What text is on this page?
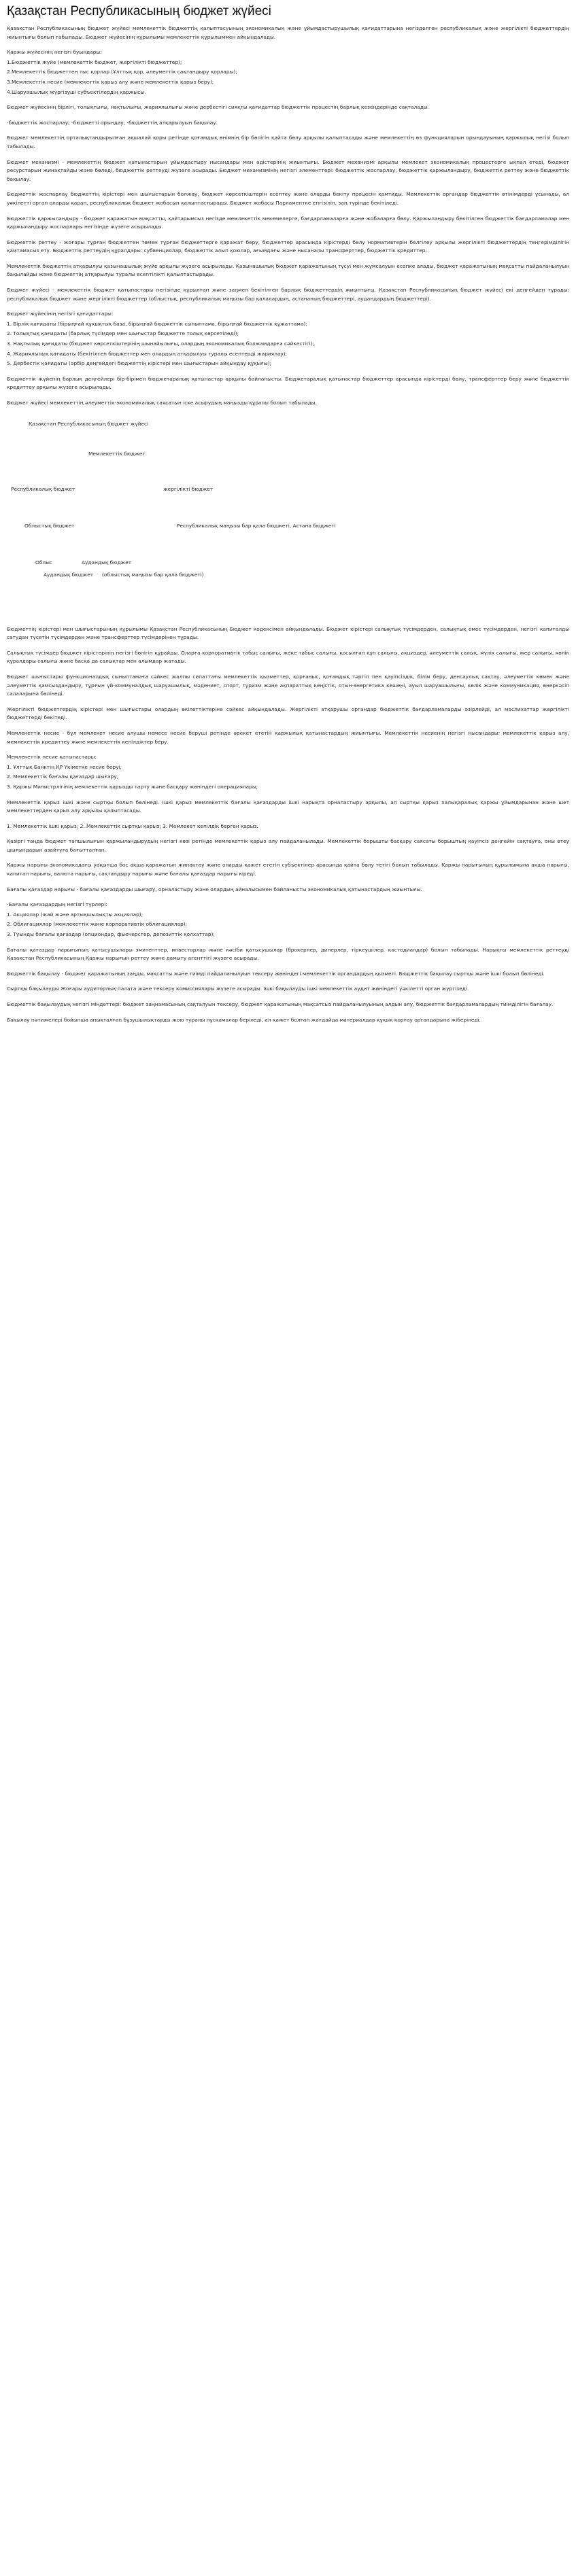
Қазақстан Республикасының бюджет жүйесі

Қазақстан Республикасының бюджет жүйесі мемлекеттік бюджеттің қалыптасуының экономикалық және ұйымдастырушылық қағидаттарына негізделген республикалық және жергілікті бюджеттердің жиынтығы болып табылады. Бюджет жүйесінің құрылымы мемлекеттік құрылыммен айқындалады.

Қаржы жүйесінің негізгі буындары:

1.Бюджеттік жүйе (мемлекеттік бюджет, жергілікті бюджеттер);

2.Мемлекеттік бюджеттен тыс қорлар (Ұлттық қор, әлеуметтік сақтандыру қорлары);

3.Мемлекеттік несие (мемлекеттік қарыз алу және мемлекеттік қарыз беру);

4.Шаруашылық жүргізуші субъектілердің қаржысы.

Бюджет жүйесінің бірлігі, толықтығы, нақтылығы, жариялылығы және дербестігі сияқты қағидаттар бюджеттік процестің барлық кезеңдерінде сақталады.

-бюджеттік жоспарлау; -бюджетті орындау; -бюджеттің атқарылуын бақылау.

Бюджет мемлекеттің орталықтандырылған ақшалай қоры ретінде қоғамдық өнімнің бір бөлігін қайта бөлу арқылы қалыптасады және мемлекеттің өз функцияларын орындауының қаржылық негізі болып табылады.

Бюджет механизмі - мемлекеттің бюджет қатынастарын ұйымдастыру нысандары мен әдістерінің жиынтығы. Бюджет механизмі арқылы мемлекет экономикалық процестерге ықпал етеді, бюджет ресурстарын жинақтайды және бөледі, бюджеттік реттеуді жүзеге асырады. Бюджет механизмінің негізгі элементтері: бюджеттік жоспарлау, бюджеттік қаржыландыру, бюджеттік реттеу және бюджеттік бақылау.

Бюджеттік жоспарлау бюджеттің кірістері мен шығыстарын болжау, бюджет көрсеткіштерін есептеу және оларды бекіту процесін қамтиды. Мемлекеттік органдар бюджеттік өтінімдерді ұсынады, ал уәкілетті орган оларды қарап, республикалық бюджет жобасын қалыптастырады. Бюджет жобасы Парламентке енгізіліп, заң түрінде бекітіледі.

Бюджеттік қаржыландыру - бюджет қаражатын мақсатты, қайтарымсыз негізде мемлекеттік мекемелерге, бағдарламаларға және жобаларға бөлу. Қаржыландыру бекітілген бюджеттік бағдарламалар мен қаржыландыру жоспарлары негізінде жүзеге асырылады.

Бюджеттік реттеу - жоғары тұрған бюджеттен төмен тұрған бюджеттерге қаражат беру, бюджеттер арасында кірістерді бөлу нормативтерін белгілеу арқылы жергілікті бюджеттердің теңгерімділігін қамтамасыз ету. Бюджеттік реттеудің құралдары: субвенциялар, бюджеттік алып қоюлар, ағымдағы және нысаналы трансферттер, бюджеттік кредиттер.

Мемлекеттік бюджеттің атқарылуы қазынашылық жүйе арқылы жүзеге асырылады. Қазынашылық бюджет қаражатының түсуі мен жұмсалуын есепке алады, бюджет қаражатының мақсатты пайдаланылуын бақылайды және бюджеттің атқарылуы туралы есептілікті қалыптастырады.

Бюджет жүйесі - мемлекеттік бюджет қатынастары негізінде құрылған және заңмен бекітілген барлық бюджеттердің жиынтығы. Қазақстан Республикасының бюджет жүйесі екі деңгейден тұрады: республикалық бюджет және жергілікті бюджеттер (облыстық, республикалық маңызы бар қалалардың, астананың бюджеттері, аудандардың бюджеттері).

Бюджет жүйесінің негізгі қағидаттары:

1. Бірлік қағидаты (бірыңғай құқықтық база, бірыңғай бюджеттік сыныптама, бірыңғай бюджеттік құжаттама);

2. Толықтық қағидаты (барлық түсімдер мен шығыстар бюджетте толық көрсетіледі);

3. Нақтылық қағидаты (бюджет көрсеткіштерінің шынайылығы, олардың экономикалық болжамдарға сәйкестігі);

4. Жариялылық қағидаты (бекітілген бюджеттер мен олардың атқарылуы туралы есептерді жариялау);

5. Дербестік қағидаты (әрбір деңгейдегі бюджеттің кірістері мен шығыстарын айқындау құқығы);

Бюджеттік жүйенің барлық деңгейлері бір-бірімен бюджетаралық қатынастар арқылы байланысты. Бюджетаралық қатынастар бюджеттер арасында кірістерді бөлу, трансферттер беру және бюджеттік кредиттеу арқылы жүзеге асырылады.

Бюджет жүйесі мемлекеттің әлеуметтік-экономикалық саясатын іске асырудың маңызды құралы болып табылады.

Қазақстан Республикасының бюджет жүйесі
Мемлекеттік бюджет
Республикалық бюджет	жергілікті бюджет
Облыстық бюджет	Республикалық маңызы бар қала бюджеті, Астана бюджеті
Облыс	Аудандық бюджет
Аудандық бюджет (облыстық маңызы бар қала бюджеті)

Бюджеттің кірістері мен шығыстарының құрылымы Қазақстан Республикасының Бюджет кодексімен айқындалады. Бюджет кірістері салықтық түсімдерден, салықтық емес түсімдерден, негізгі капиталды сатудан түсетін түсімдерден және трансферттер түсімдерінен тұрады.

Салықтық түсімдер бюджет кірістерінің негізгі бөлігін құрайды. Оларға корпоративтік табыс салығы, жеке табыс салығы, қосылған құн салығы, акциздер, әлеуметтік салық, мүлік салығы, жер салығы, көлік құралдары салығы және басқа да салықтар мен алымдар жатады.

Бюджет шығыстары функционалдық сыныптамаға сәйкес жалпы сипаттағы мемлекеттік қызметтер, қорғаныс, қоғамдық тәртіп пен қауіпсіздік, білім беру, денсаулық сақтау, әлеуметтік көмек және әлеуметтік қамсыздандыру, тұрғын үй-коммуналдық шаруашылық, мәдениет, спорт, туризм және ақпараттық кеңістік, отын-энергетика кешені, ауыл шаруашылығы, көлік және коммуникация, өнеркәсіп салаларына бөлінеді.

Жергілікті бюджеттердің кірістері мен шығыстары олардың өкілеттіктеріне сәйкес айқындалады. Жергілікті атқарушы органдар бюджеттік бағдарламаларды әзірлейді, ал мәслихаттар жергілікті бюджеттерді бекітеді.

Мемлекеттік несие - бұл мемлекет несие алушы немесе несие беруші ретінде әрекет ететін қаржылық қатынастардың жиынтығы. Мемлекеттік несиенің негізгі нысандары: мемлекеттік қарыз алу, мемлекеттік кредиттеу және мемлекеттік кепілдіктер беру.

Мемлекеттік несие қатынастары:

1. Ұлттық Банктің ҚР Үкіметке несие беруі;

2. Мемлекеттік бағалы қағаздар шығару;

3. Қаржы Министрлігінің мемлекеттік қарызды тарту және басқару жөніндегі операциялары;

Мемлекеттік қарыз ішкі және сыртқы болып бөлінеді. Ішкі қарыз мемлекеттік бағалы қағаздарды ішкі нарықта орналастыру арқылы, ал сыртқы қарыз халықаралық қаржы ұйымдарынан және шет мемлекеттерден қарыз алу арқылы қалыптасады.

1. Мемлекеттік ішкі қарыз; 2. Мемлекеттік сыртқы қарыз; 3. Мемлекет кепілдік берген қарыз.

Қазіргі таңда бюджет тапшылығын қаржыландырудың негізгі көзі ретінде мемлекеттік қарыз алу пайдаланылады. Мемлекеттік борышты басқару саясаты борыштың қауіпсіз деңгейін сақтауға, оны өтеу шығындарын азайтуға бағытталған.

Қаржы нарығы экономикадағы уақытша бос ақша қаражатын жинақтау және оларды қажет ететін субъектілер арасында қайта бөлу тетігі болып табылады. Қаржы нарығының құрылымына ақша нарығы, капитал нарығы, валюта нарығы, сақтандыру нарығы және бағалы қағаздар нарығы кіреді.

Бағалы қағаздар нарығы - бағалы қағаздарды шығару, орналастыру және олардың айналысымен байланысты экономикалық қатынастардың жиынтығы.

-Бағалы қағаздардың негізгі түрлері:

1. Акциялар (жай және артықшылықты акциялар);

2. Облигациялар (мемлекеттік және корпоративтік облигациялар);

3. Туынды бағалы қағаздар (опциондар, фьючерстер, депозиттік қолхаттар);

Бағалы қағаздар нарығының қатысушылары эмитенттер, инвесторлар және кәсіби қатысушылар (брокерлер, дилерлер, тіркеушілер, кастодиандар) болып табылады. Нарықты мемлекеттік реттеуді Қазақстан Республикасының Қаржы нарығын реттеу және дамыту агенттігі жүзеге асырады.

Бюджеттік бақылау - бюджет қаражатының заңды, мақсатты және тиімді пайдаланылуын тексеру жөніндегі мемлекеттік органдардың қызметі. Бюджеттік бақылау сыртқы және ішкі болып бөлінеді.

Сыртқы бақылауды Жоғары аудиторлық палата және тексеру комиссиялары жүзеге асырады. Ішкі бақылауды ішкі мемлекеттік аудит жөніндегі уәкілетті орган жүргізеді.

Бюджеттік бақылаудың негізгі міндеттері: бюджет заңнамасының сақталуын тексеру, бюджет қаражатының мақсатсыз пайдаланылуының алдын алу, бюджеттік бағдарламалардың тиімділігін бағалау.

Бақылау нәтижелері бойынша анықталған бұзушылықтарды жою туралы нұсқамалар беріледі, ал қажет болған жағдайда материалдар құқық қорғау органдарына жіберіледі.
